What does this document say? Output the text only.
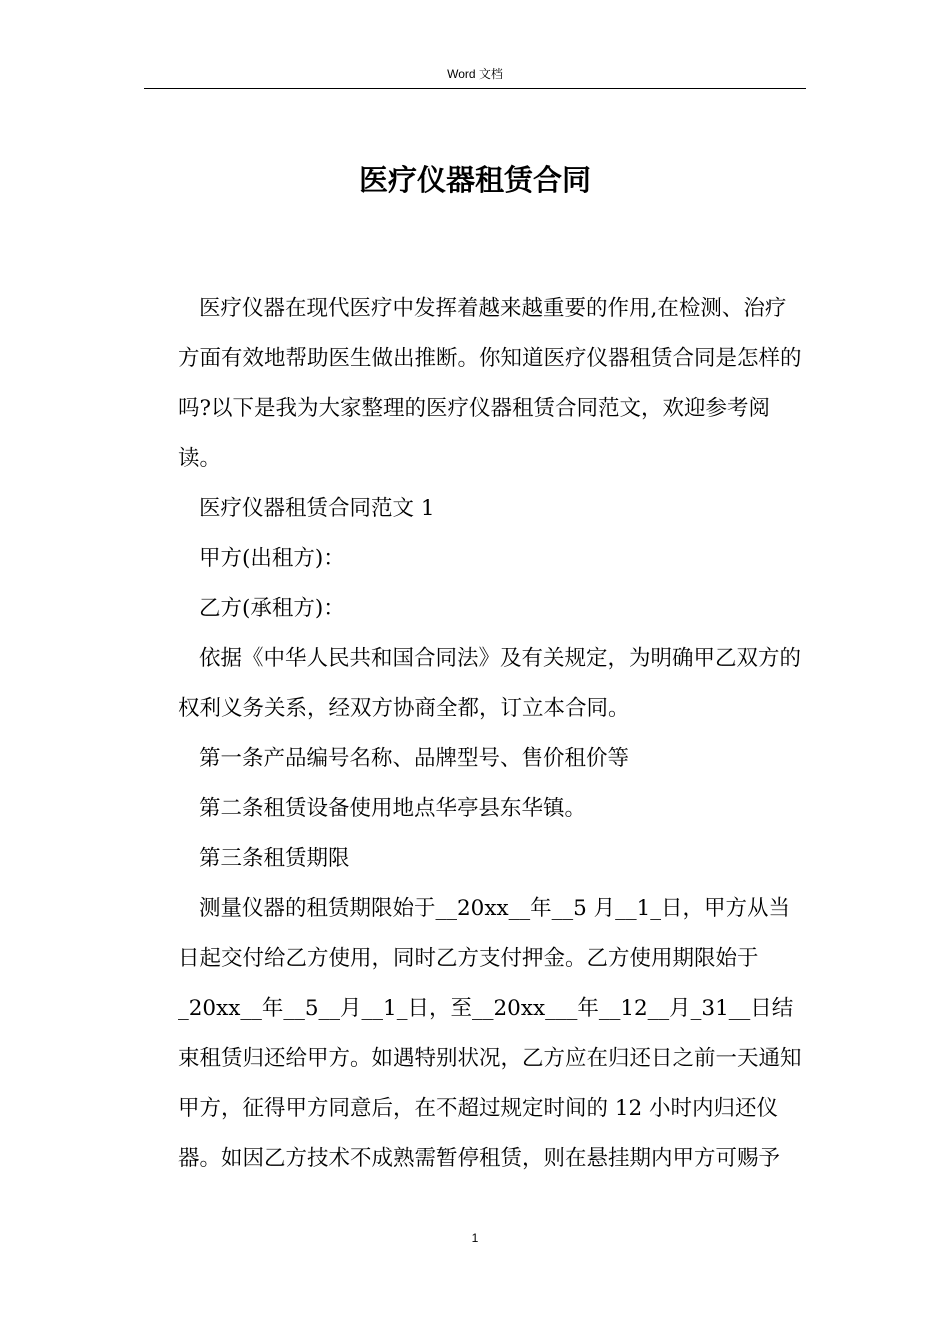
Word 文档
医疗仪器租赁合同

医疗仪器在现代医疗中发挥着越来越重要的作用,在检测、治疗方面有效地帮助医生做出推断。你知道医疗仪器租赁合同是怎样的吗?以下是我为大家整理的医疗仪器租赁合同范文，欢迎参考阅读。

医疗仪器租赁合同范文 1

甲方(出租方)：

乙方(承租方)：

依据《中华人民共和国合同法》及有关规定，为明确甲乙双方的权利义务关系，经双方协商全都，订立本合同。

第一条产品编号名称、品牌型号、售价租价等

第二条租赁设备使用地点华亭县东华镇。

第三条租赁期限

测量仪器的租赁期限始于__20xx__年__5 月__1_日，甲方从当日起交付给乙方使用，同时乙方支付押金。乙方使用期限始于_20xx__年__5__月__1_日，至__20xx___年__12__月_31__日结束租赁归还给甲方。如遇特别状况，乙方应在归还日之前一天通知甲方，征得甲方同意后，在不超过规定时间的 12 小时内归还仪器。如因乙方技术不成熟需暂停租赁，则在悬挂期内甲方可赐予

1
